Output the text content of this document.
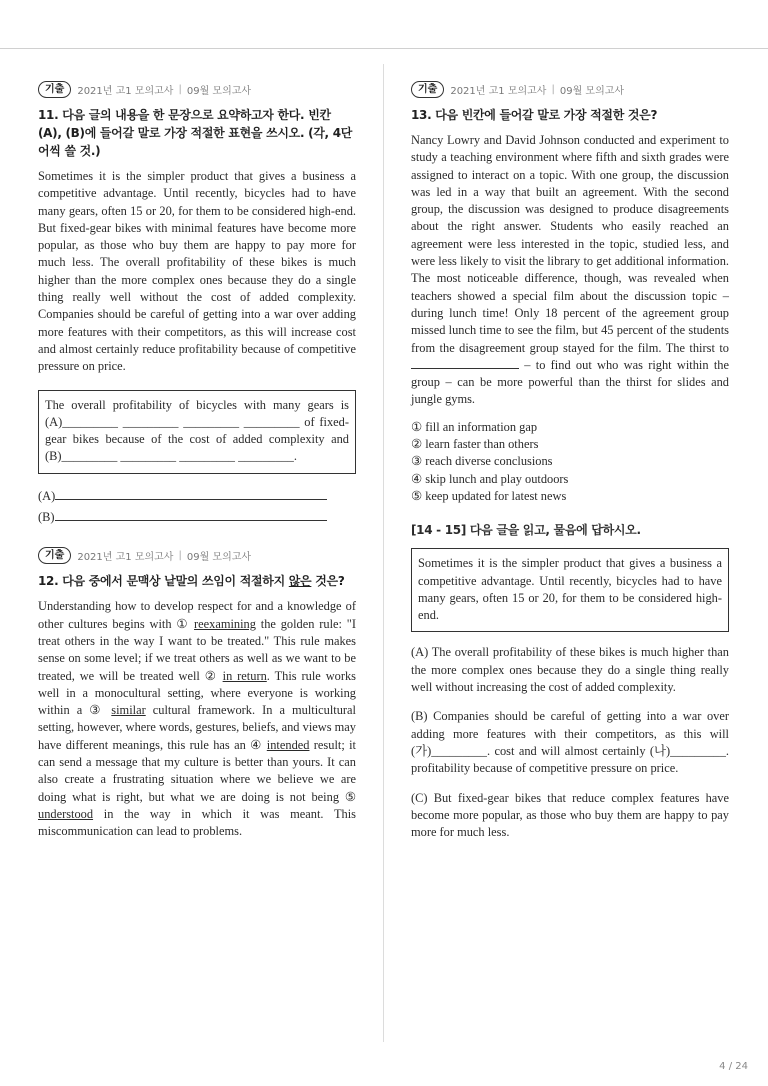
기출	2021년 고1 모의고사 | 09월 모의고사
11. 다음 글의 내용을 한 문장으로 요약하고자 한다. 빈칸 (A), (B)에 들어갈 말로 가장 적절한 표현을 쓰시오. (각, 4단어씩 쓸 것.)
Sometimes it is the simpler product that gives a business a competitive advantage. Until recently, bicycles had to have many gears, often 15 or 20, for them to be considered high-end. But fixed-gear bikes with minimal features have become more popular, as those who buy them are happy to pay more for much less. The overall profitability of these bikes is much higher than the more complex ones because they do a single thing really well without the cost of added complexity. Companies should be careful of getting into a war over adding more features with their competitors, as this will increase cost and almost certainly reduce profitability because of competitive pressure on price.
The overall profitability of bicycles with many gears is (A)_________ _________ _________ _________ of fixed-gear bikes because of the cost of added complexity and (B)_________ _________ _________ _________.
(A)
(B)
기출	2021년 고1 모의고사 | 09월 모의고사
12. 다음 중에서 문맥상 낱말의 쓰임이 적절하지 않은 것은?
Understanding how to develop respect for and a knowledge of other cultures begins with ① reexamining the golden rule: "I treat others in the way I want to be treated." This rule makes sense on some level; if we treat others as well as we want to be treated, we will be treated well ② in return. This rule works well in a monocultural setting, where everyone is working within a ③ similar cultural framework. In a multicultural setting, however, where words, gestures, beliefs, and views may have different meanings, this rule has an ④ intended result; it can send a message that my culture is better than yours. It can also create a frustrating situation where we believe we are doing what is right, but what we are doing is not being ⑤ understood in the way in which it was meant. This miscommunication can lead to problems.
기출	2021년 고1 모의고사 | 09월 모의고사
13. 다음 빈칸에 들어갈 말로 가장 적절한 것은?
Nancy Lowry and David Johnson conducted and experiment to study a teaching environment where fifth and sixth grades were assigned to interact on a topic. With one group, the discussion was led in a way that built an agreement. With the second group, the discussion was designed to produce disagreements about the right answer. Students who easily reached an agreement were less interested in the topic, studied less, and were less likely to visit the library to get additional information. The most noticeable difference, though, was revealed when teachers showed a special film about the discussion topic – during lunch time! Only 18 percent of the agreement group missed lunch time to see the film, but 45 percent of the students from the disagreement group stayed for the film. The thirst to  – to find out who was right within the group – can be more powerful than the thirst for slides and jungle gyms.
① fill an information gap
② learn faster than others
③ reach diverse conclusions
④ skip lunch and play outdoors
⑤ keep updated for latest news
[14 - 15] 다음 글을 읽고, 물음에 답하시오.
Sometimes it is the simpler product that gives a business a competitive advantage. Until recently, bicycles had to have many gears, often 15 or 20, for them to be considered high-end.
(A) The overall profitability of these bikes is much higher than the more complex ones because they do a single thing really well without increasing the cost of added complexity.
(B) Companies should be careful of getting into a war over adding more features with their competitors, as this will (가)_________. cost and will almost certainly (나)_________. profitability because of competitive pressure on price.
(C) But fixed-gear bikes that reduce complex features have become more popular, as those who buy them are happy to pay more for much less.
4 / 24
